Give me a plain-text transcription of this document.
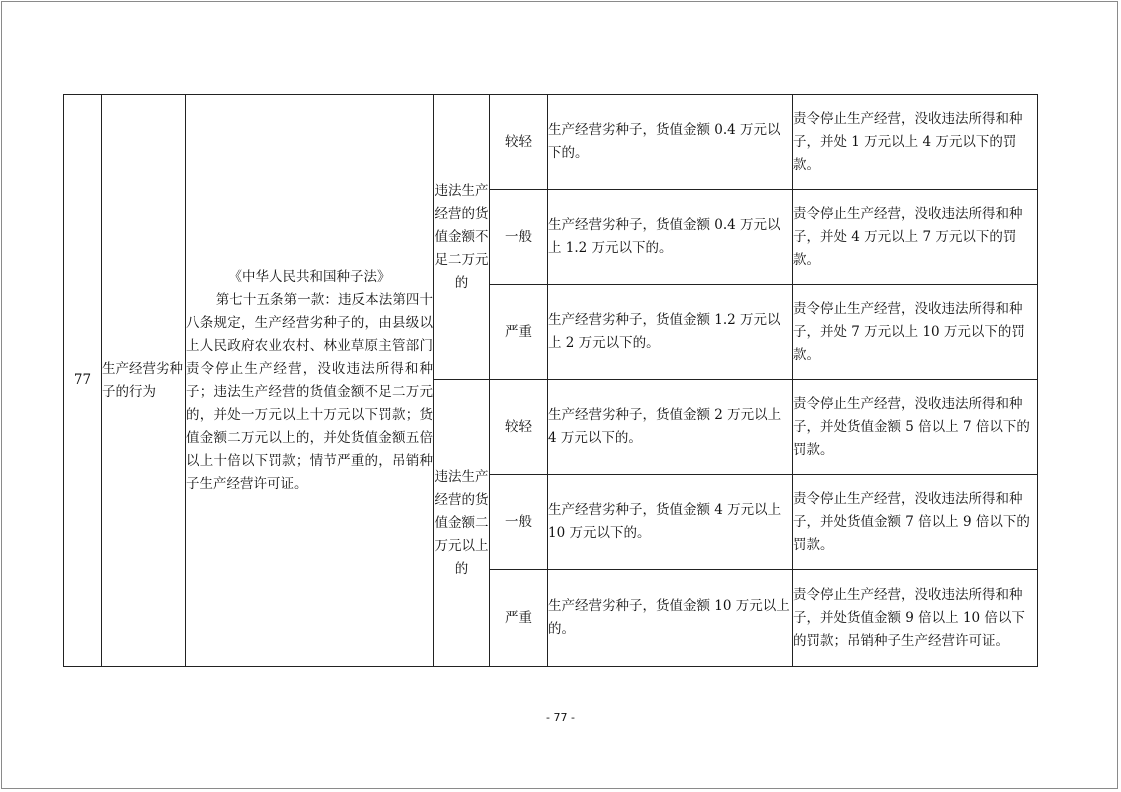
77	生产经营劣种子的行为	《中华人民共和国种子法》
第七十五条第一款：违反本法第四十八条规定，生产经营劣种子的，由县级以上人民政府农业农村、林业草原主管部门责令停止生产经营，没收违法所得和种子；违法生产经营的货值金额不足二万元的，并处一万元以上十万元以下罚款；货值金额二万元以上的，并处货值金额五倍以上十倍以下罚款；情节严重的，吊销种子生产经营许可证。	违法生产经营的货值金额不足二万元的	较轻	生产经营劣种子，货值金额 0.4 万元以下的。	责令停止生产经营，没收违法所得和种子，并处 1 万元以上 4 万元以下的罚款。
				一般	生产经营劣种子，货值金额 0.4 万元以上 1.2 万元以下的。	责令停止生产经营，没收违法所得和种子，并处 4 万元以上 7 万元以下的罚款。
				严重	生产经营劣种子，货值金额 1.2 万元以上 2 万元以下的。	责令停止生产经营，没收违法所得和种子，并处 7 万元以上 10 万元以下的罚款。
			违法生产经营的货值金额二万元以上的	较轻	生产经营劣种子，货值金额 2 万元以上 4 万元以下的。	责令停止生产经营，没收违法所得和种子，并处货值金额 5 倍以上 7 倍以下的罚款。
				一般	生产经营劣种子，货值金额 4 万元以上 10 万元以下的。	责令停止生产经营，没收违法所得和种子，并处货值金额 7 倍以上 9 倍以下的罚款。
				严重	生产经营劣种子，货值金额 10 万元以上的。	责令停止生产经营，没收违法所得和种子，并处货值金额 9 倍以上 10 倍以下的罚款；吊销种子生产经营许可证。
- 77 -
